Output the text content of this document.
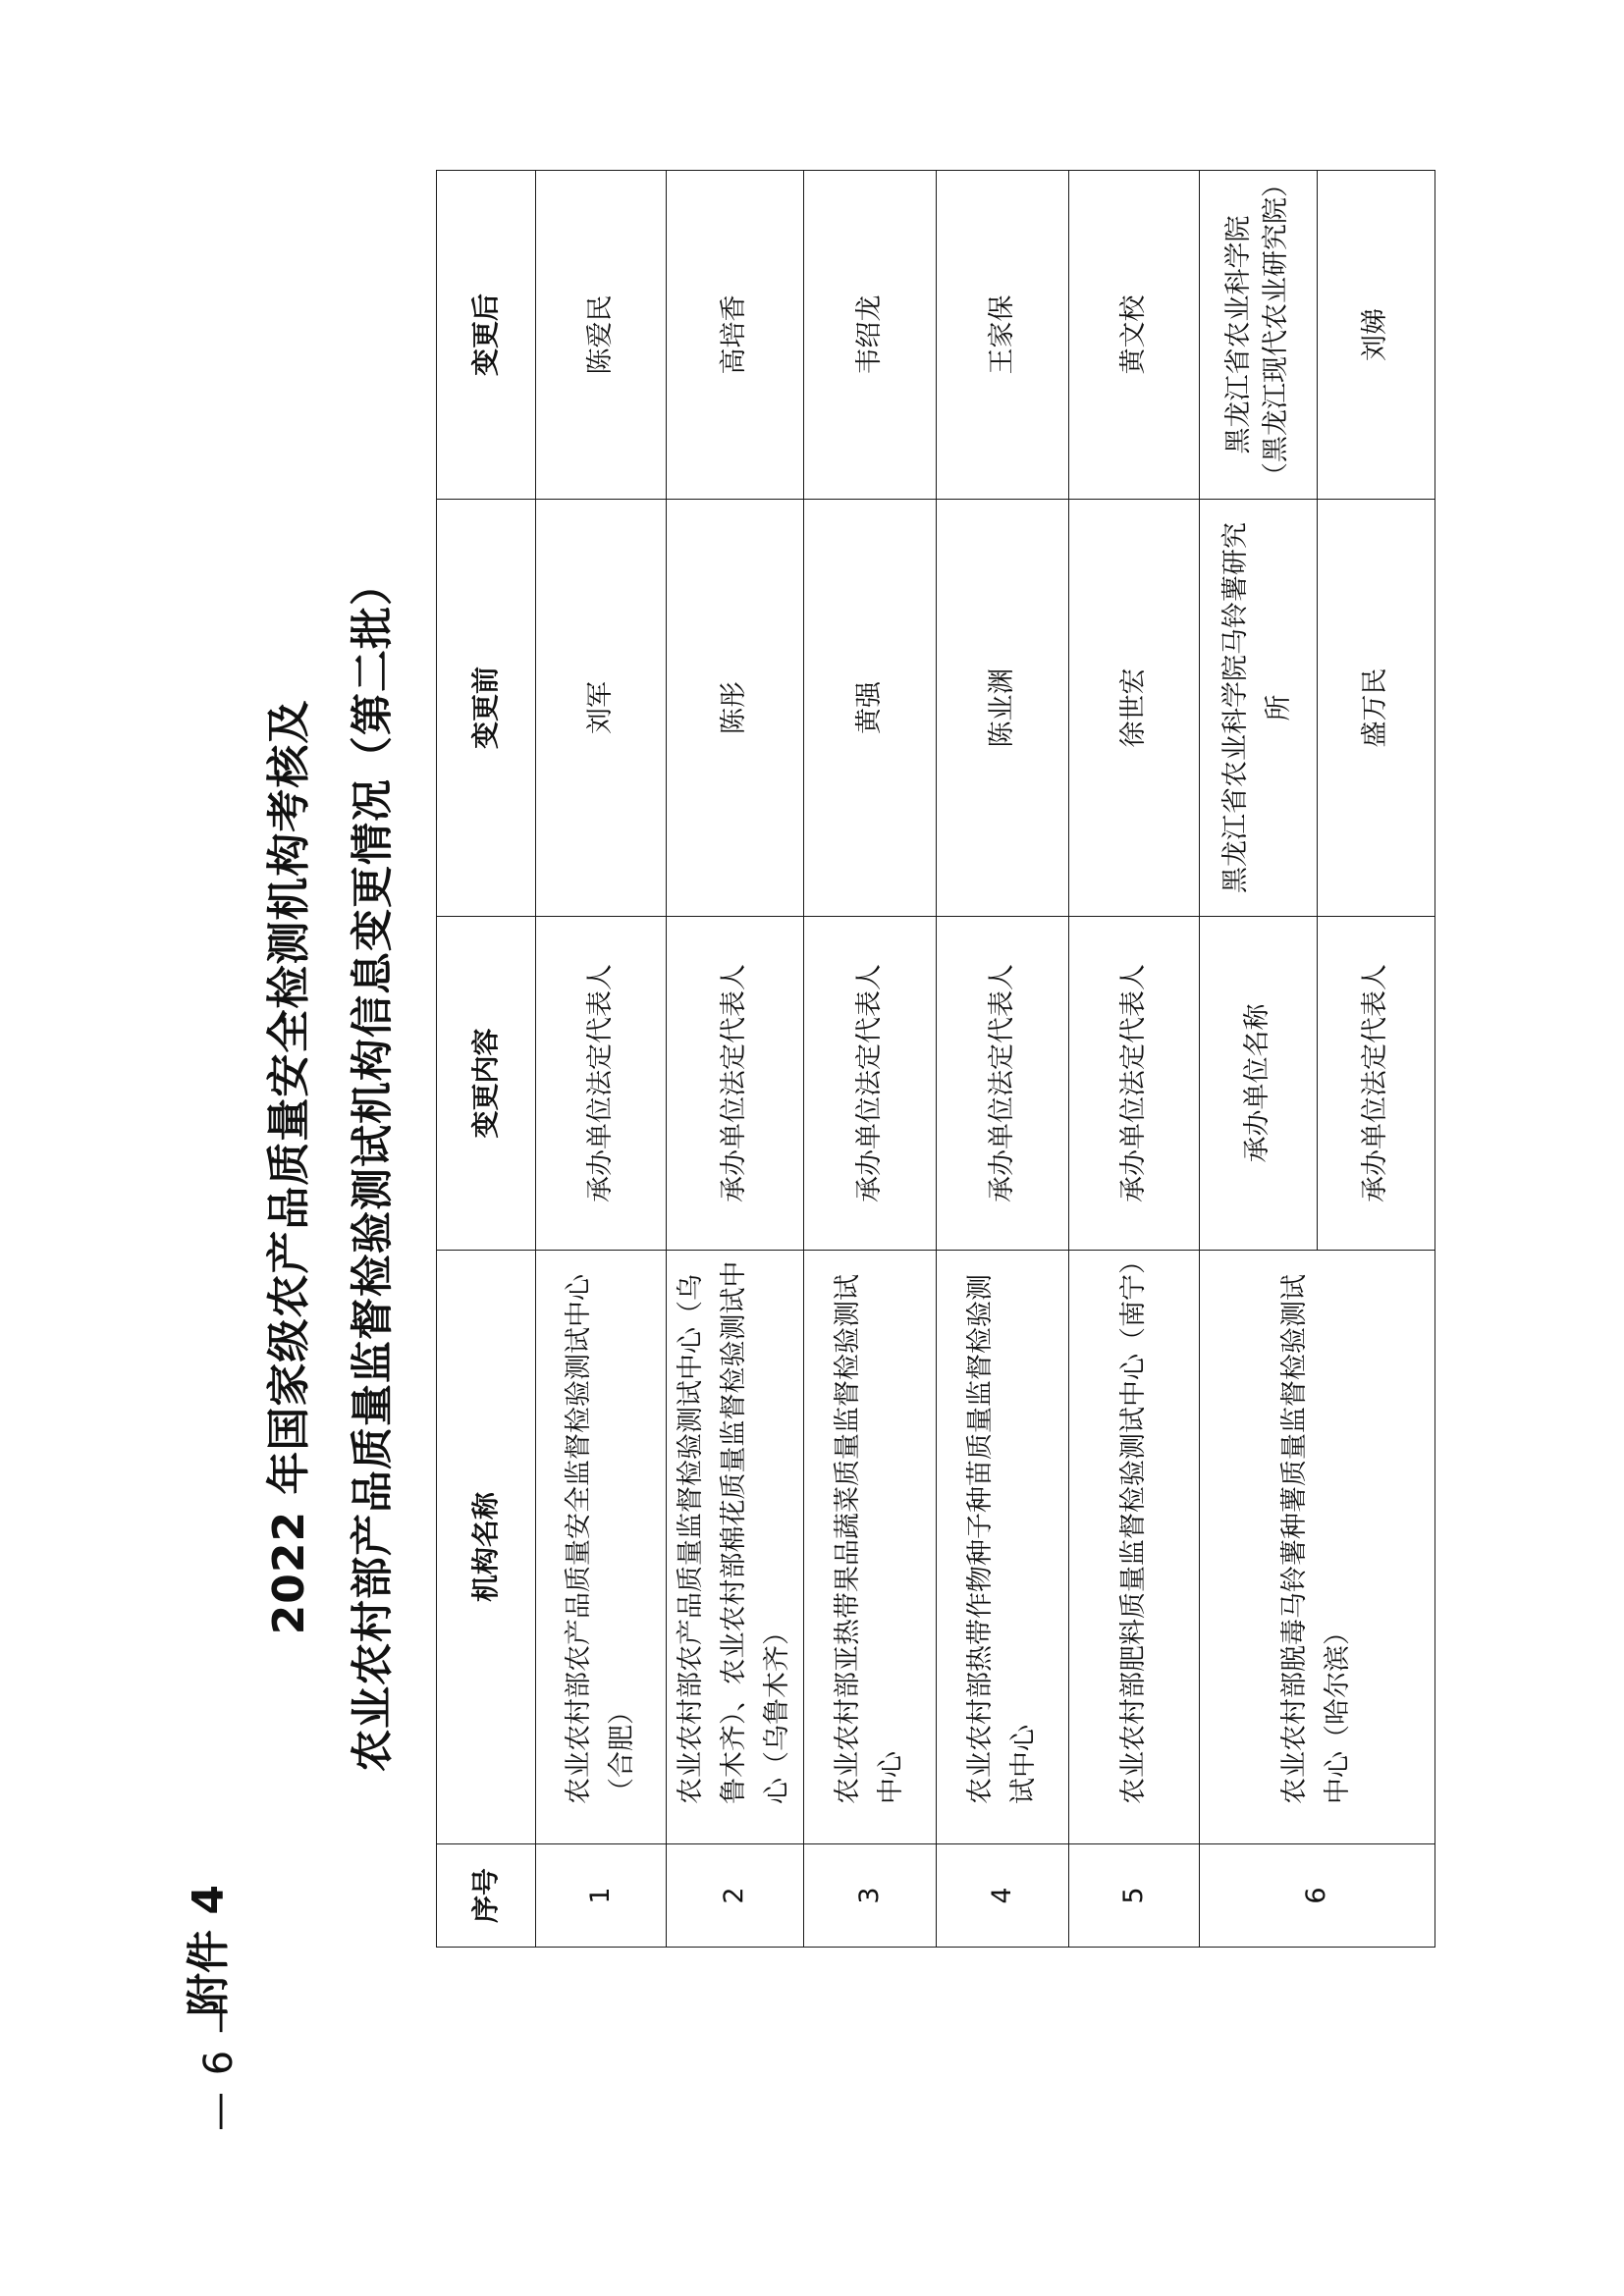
— 6 —
附件 4
2022 年国家级农产品质量安全检测机构考核及 农业农村部产品质量监督检验测试机构信息变更情况（第二批）
序号	机构名称	变更内容	变更前	变更后
1	农业农村部农产品质量安全监督检验测试中心（合肥）	承办单位法定代表人	刘军	陈爱民
2	农业农村部农产品质量监督检验测试中心（乌鲁木齐）、农业农村部棉花质量监督检验测试中心（乌鲁木齐）	承办单位法定代表人	陈彤	高培香
3	农业农村部亚热带果品蔬菜质量监督检验测试中心	承办单位法定代表人	黄强	韦绍龙
4	农业农村部热带作物种子种苗质量监督检验测试中心	承办单位法定代表人	陈业渊	王家保
5	农业农村部肥料质量监督检验测试中心（南宁）	承办单位法定代表人	徐世宏	黄文校
6	农业农村部脱毒马铃薯种薯质量监督检验测试中心（哈尔滨）	承办单位名称	黑龙江省农业科学院马铃薯研究所	黑龙江省农业科学院 （黑龙江现代农业研究院）

		承办单位法定代表人	盛万民	刘娣
